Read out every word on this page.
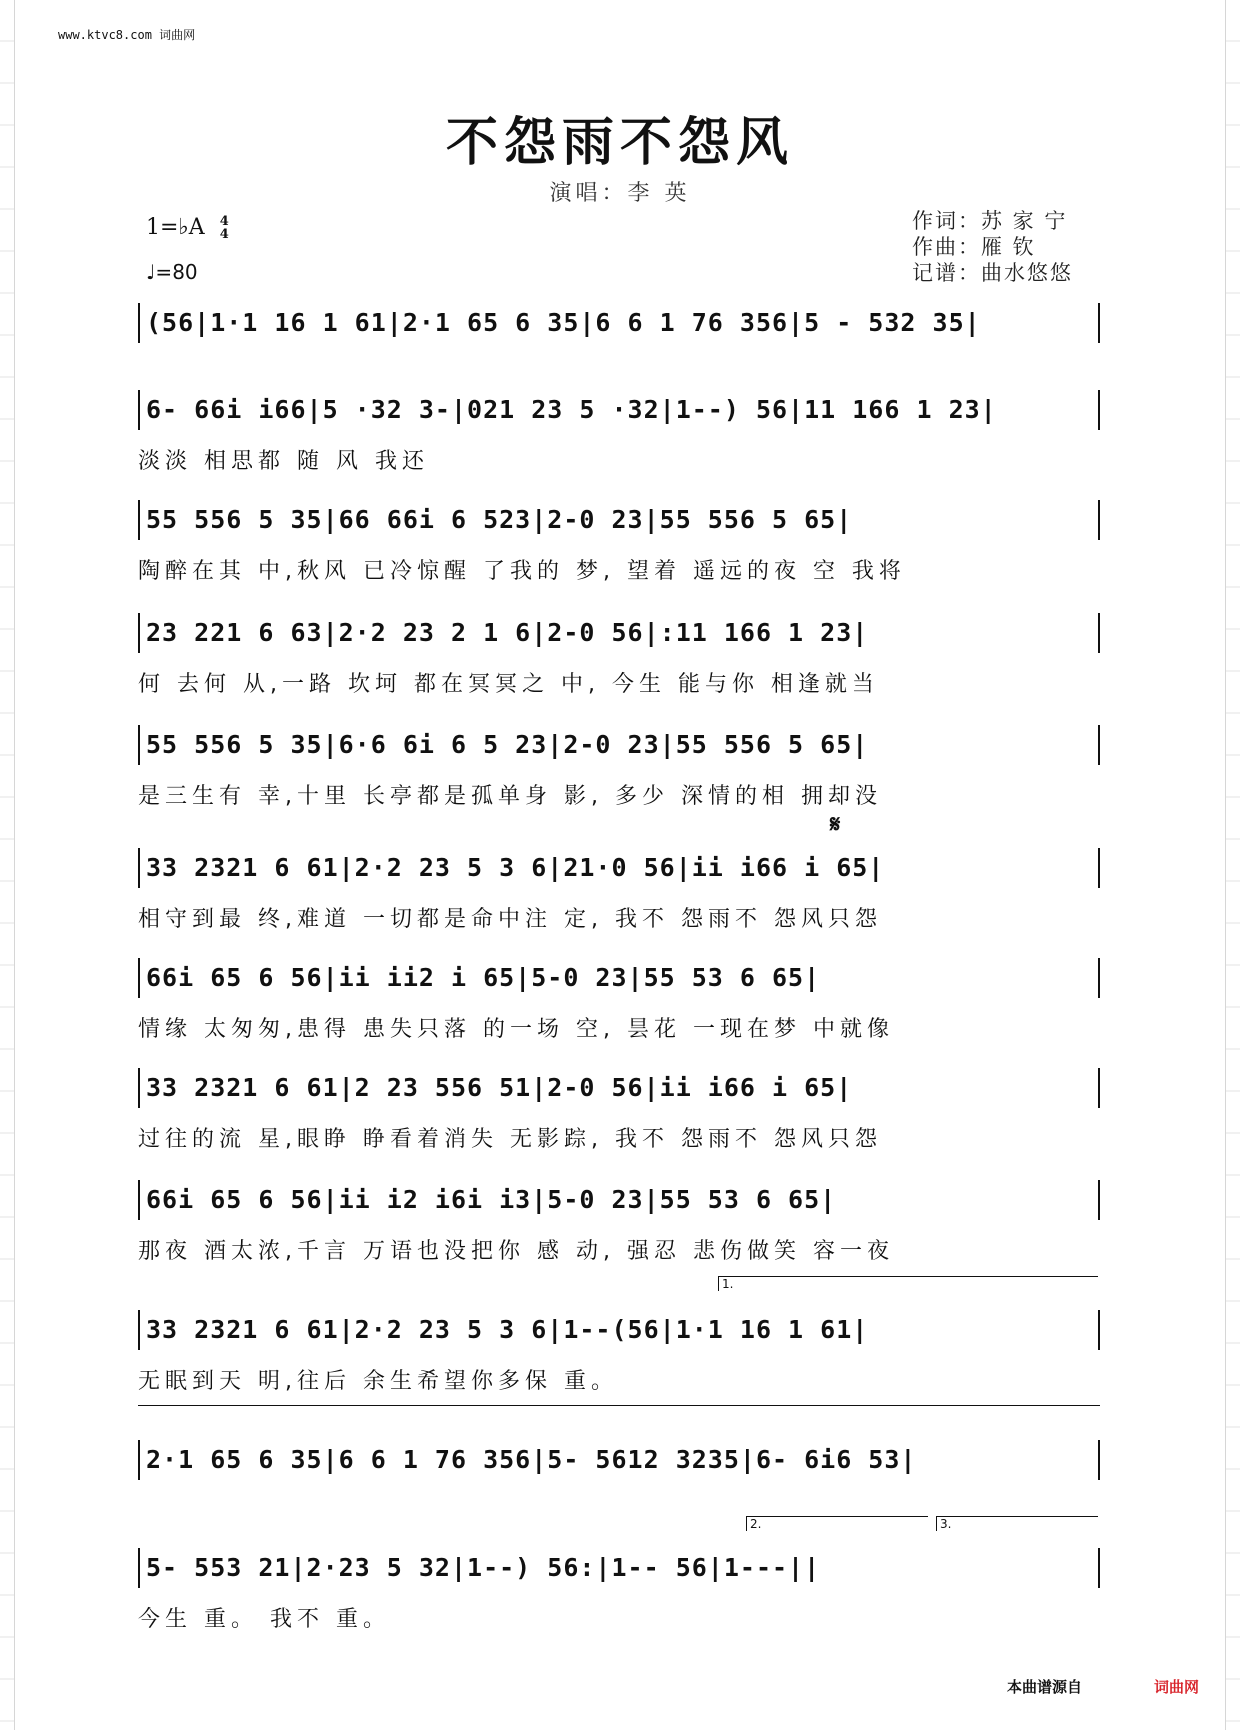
www.ktvc8.com 词曲网
不怨雨不怨风
演唱：李 英
1=♭A 4
4
♩=80
作词：苏 家 宁
作曲：雁 钦
记谱：曲水悠悠
𝄋
1.
2.	3.
(56|1·1 16 1 61|2·1 65 6 35|6 6 1 76 356|5 - 532 35|
6- 66i i66|5 ·32 3-|021 23 5 ·32|1--) 56|11 166 1 23|
淡淡 相思都 随 风 我还
55 556 5 35|66 66i 6 523|2-0 23|55 556 5 65|
陶醉在其 中,秋风 已冷惊醒 了我的 梦, 望着 遥远的夜 空 我将
23 221 6 63|2·2 23 2 1 6|2-0 56|:11 166 1 23|
何 去何 从,一路 坎坷 都在冥冥之 中, 今生 能与你 相逢就当
55 556 5 35|6·6 6i 6 5 23|2-0 23|55 556 5 65|
是三生有 幸,十里 长亭都是孤单身 影, 多少 深情的相 拥却没
33 2321 6 61|2·2 23 5 3 6|21·0 56|ii i66 i 65|
相守到最 终,难道 一切都是命中注 定, 我不 怨雨不 怨风只怨
66i 65 6 56|ii ii2 i 65|5-0 23|55 53 6 65|
情缘 太匆匆,患得 患失只落 的一场 空, 昙花 一现在梦 中就像
33 2321 6 61|2 23 556 51|2-0 56|ii i66 i 65|
过往的流 星,眼睁 睁看着消失 无影踪, 我不 怨雨不 怨风只怨
66i 65 6 56|ii i2 i6i i3|5-0 23|55 53 6 65|
那夜 酒太浓,千言 万语也没把你 感 动, 强忍 悲伤做笑 容一夜
33 2321 6 61|2·2 23 5 3 6|1--(56|1·1 16 1 61|
无眠到天 明,往后 余生希望你多保 重。
2·1 65 6 35|6 6 1 76 356|5- 5612 3235|6- 6i6 53|
5- 553 21|2·23 5 32|1--) 56:|1-- 56|1---||
今生 重。 我不 重。
本曲谱源自	词曲网
